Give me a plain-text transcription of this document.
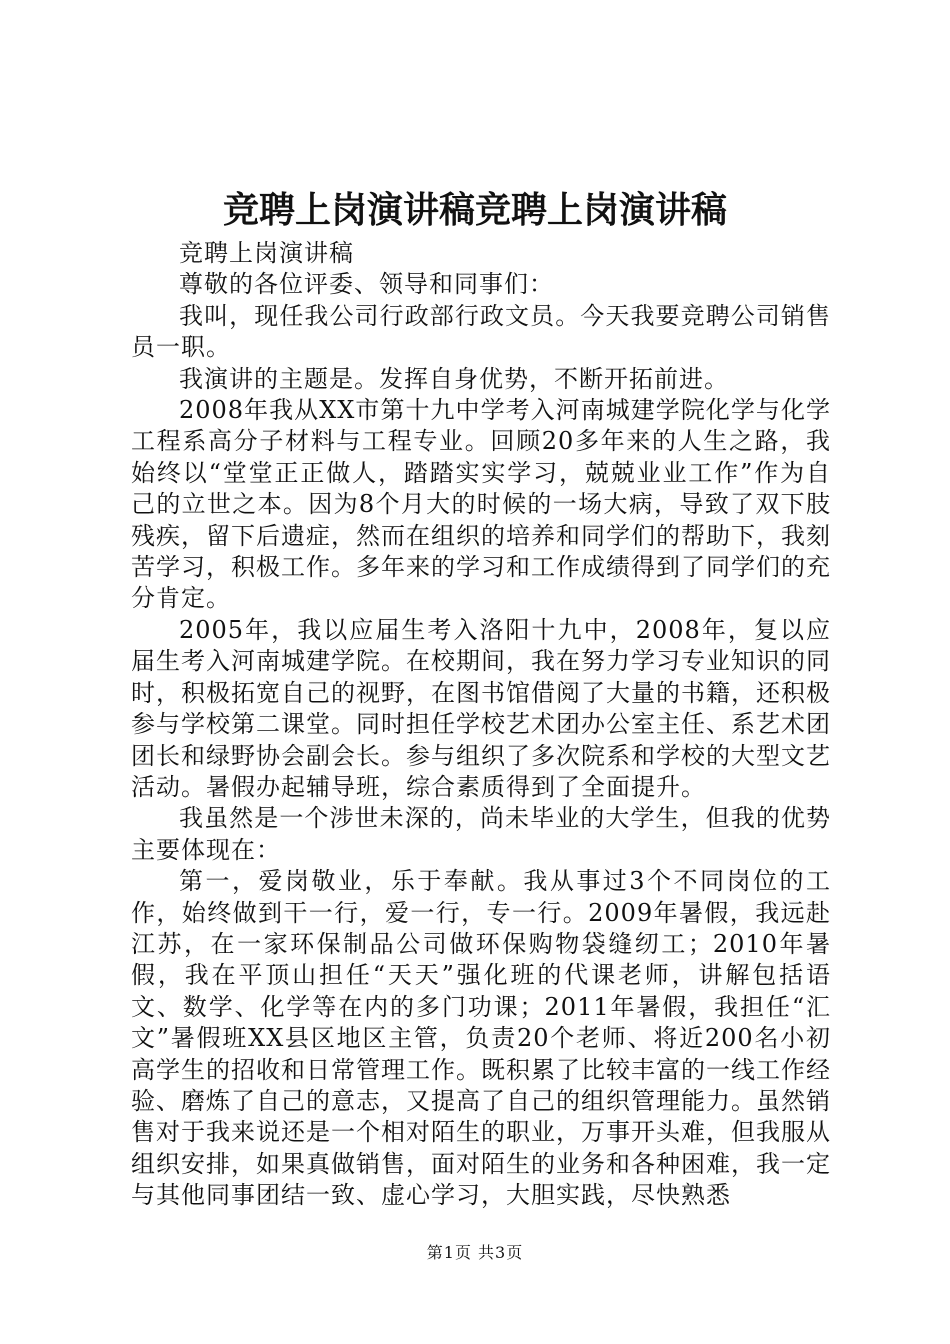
竞聘上岗演讲稿竞聘上岗演讲稿

竞聘上岗演讲稿

尊敬的各位评委、领导和同事们：

我叫，现任我公司行政部行政文员。今天我要竞聘公司销售员一职。

我演讲的主题是。发挥自身优势，不断开拓前进。

2008年我从XX市第十九中学考入河南城建学院化学与化学工程系高分子材料与工程专业。回顾20多年来的人生之路，我始终以“堂堂正正做人，踏踏实实学习，兢兢业业工作”作为自己的立世之本。因为8个月大的时候的一场大病，导致了双下肢残疾，留下后遗症，然而在组织的培养和同学们的帮助下，我刻苦学习，积极工作。多年来的学习和工作成绩得到了同学们的充分肯定。

2005年，我以应届生考入洛阳十九中，2008年，复以应届生考入河南城建学院。在校期间，我在努力学习专业知识的同时，积极拓宽自己的视野，在图书馆借阅了大量的书籍，还积极参与学校第二课堂。同时担任学校艺术团办公室主任、系艺术团团长和绿野协会副会长。参与组织了多次院系和学校的大型文艺活动。暑假办起辅导班，综合素质得到了全面提升。

我虽然是一个涉世未深的，尚未毕业的大学生，但我的优势主要体现在：

第一，爱岗敬业，乐于奉献。我从事过3个不同岗位的工作，始终做到干一行，爱一行，专一行。2009年暑假，我远赴江苏，在一家环保制品公司做环保购物袋缝纫工；2010年暑假，我在平顶山担任“天天”强化班的代课老师，讲解包括语文、数学、化学等在内的多门功课；2011年暑假，我担任“汇文”暑假班XX县区地区主管，负责20个老师、将近200名小初高学生的招收和日常管理工作。既积累了比较丰富的一线工作经验、磨炼了自己的意志，又提高了自己的组织管理能力。虽然销售对于我来说还是一个相对陌生的职业，万事开头难，但我服从组织安排，如果真做销售，面对陌生的业务和各种困难，我一定与其他同事团结一致、虚心学习，大胆实践，尽快熟悉

第1页 共3页
